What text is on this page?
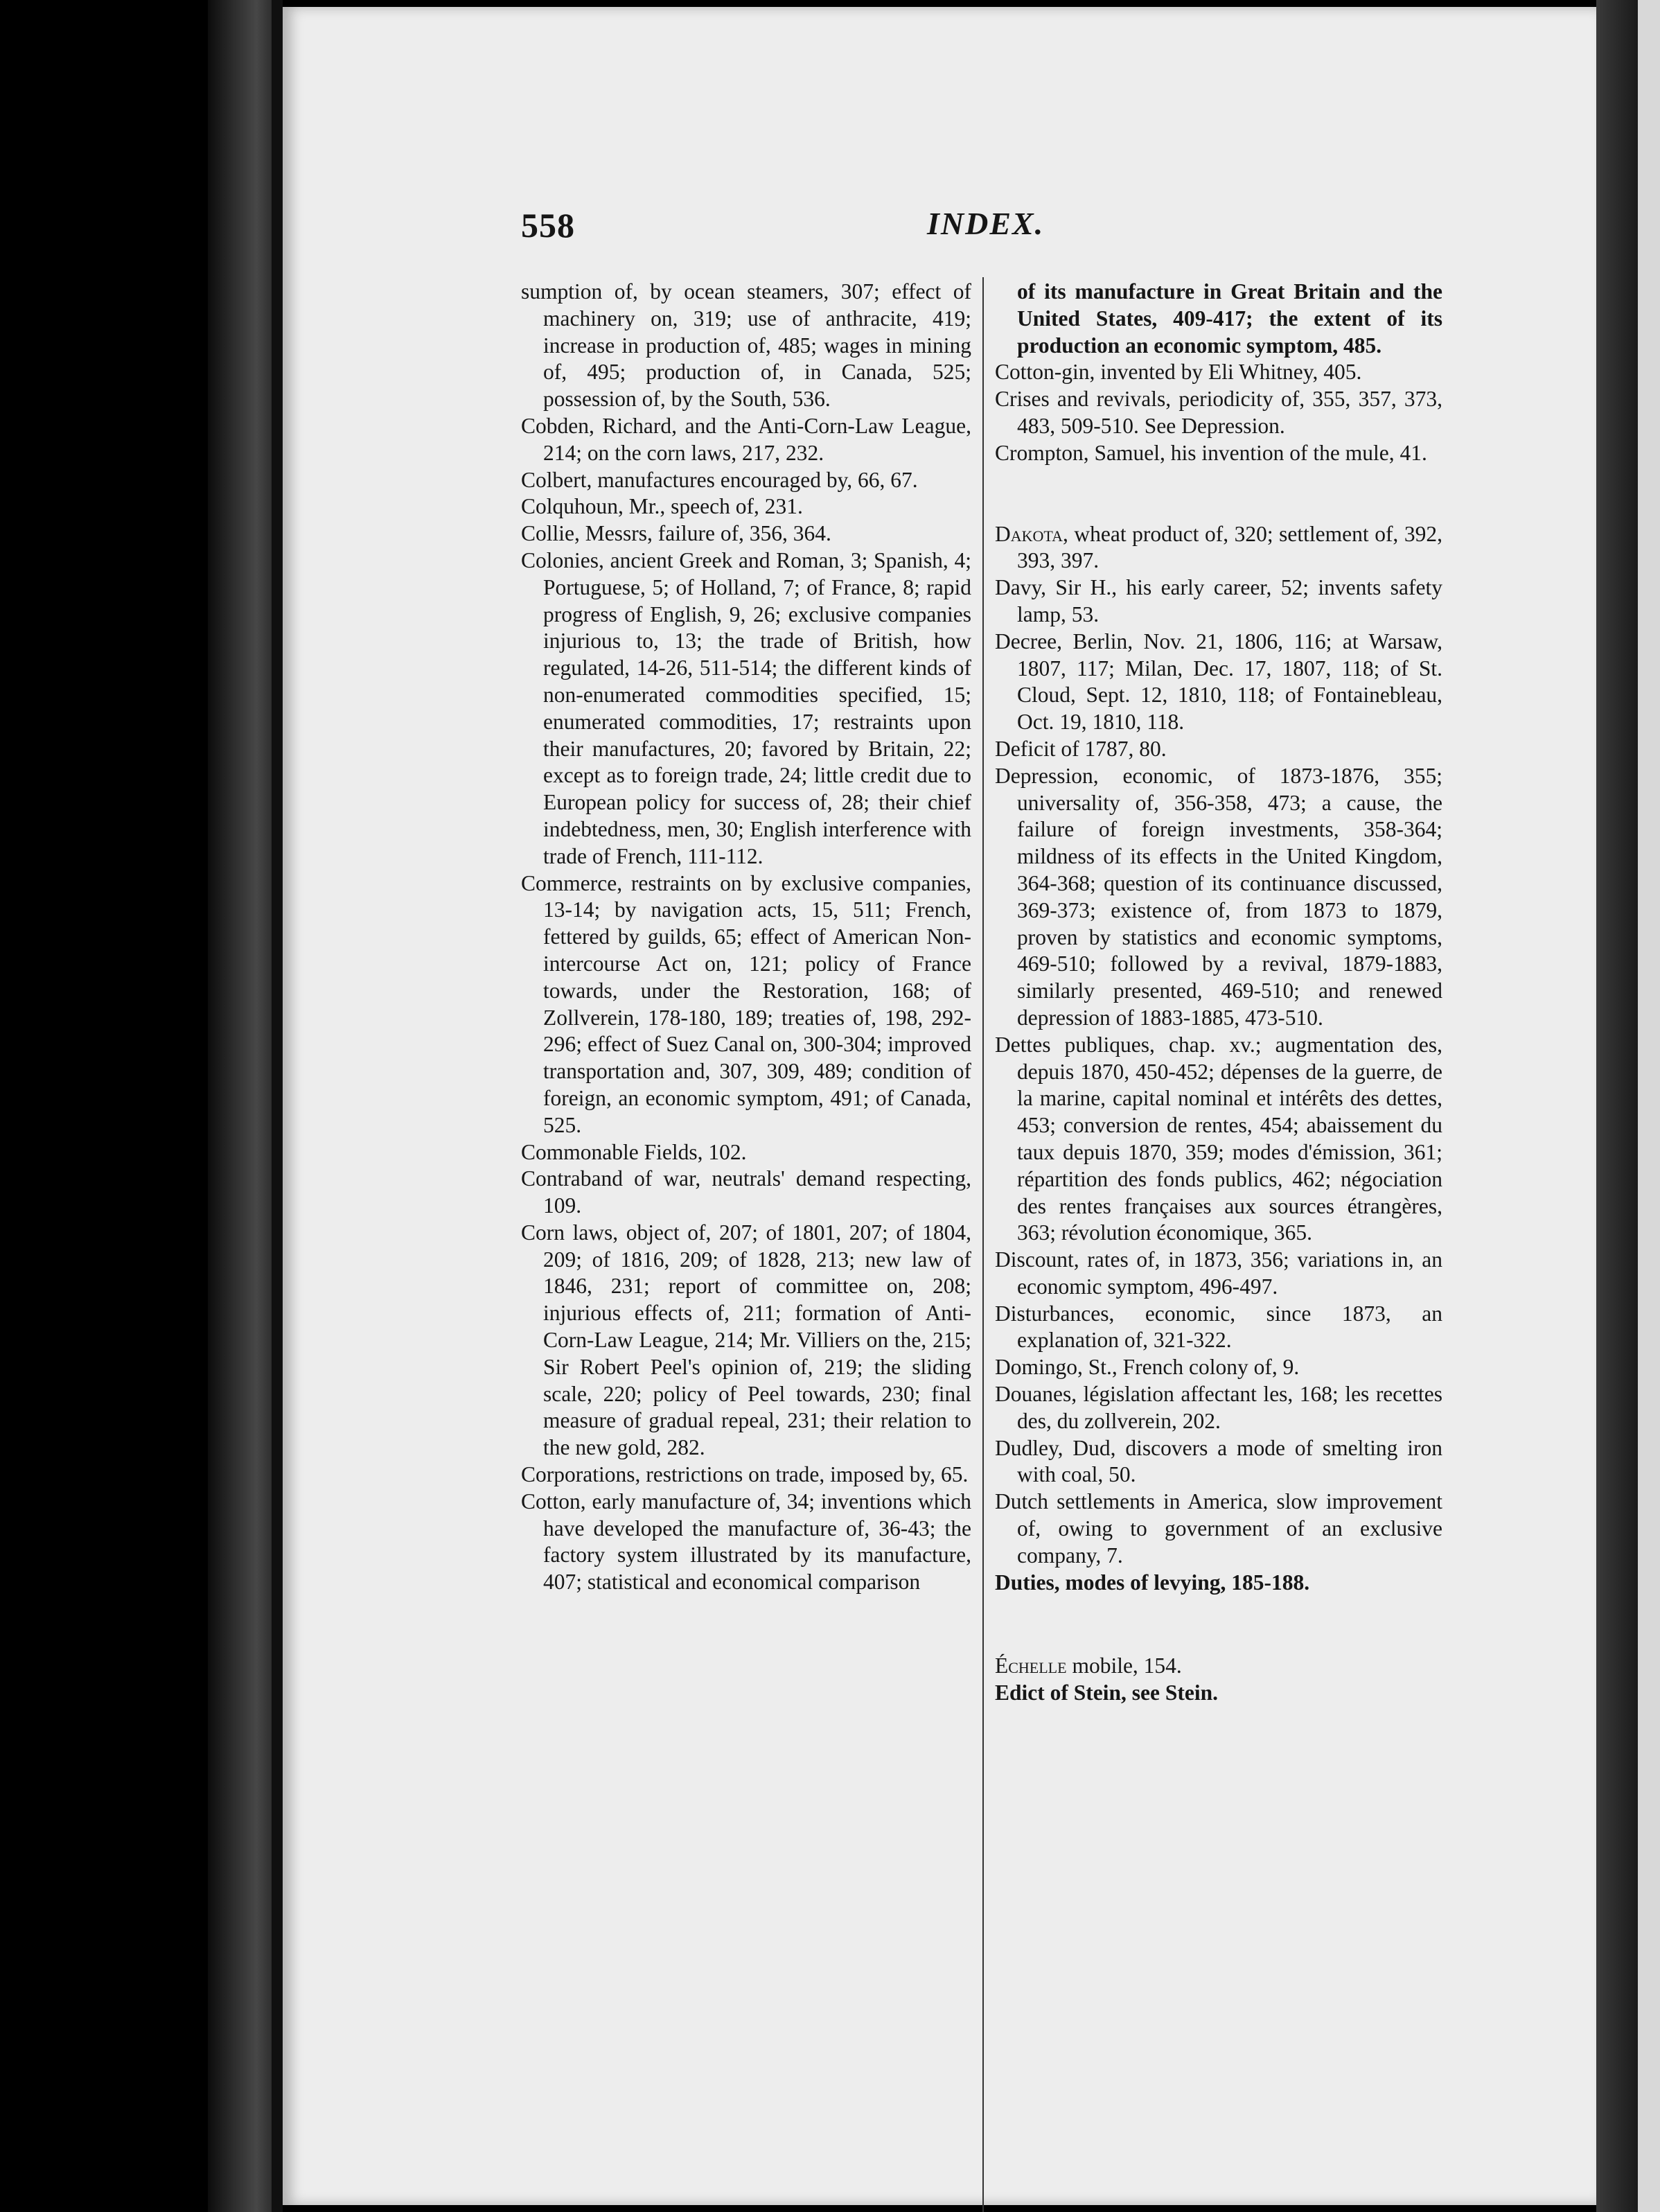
558	INDEX.

sumption of, by ocean steamers, 307; effect of machinery on, 319; use of anthracite, 419; increase in production of, 485; wages in mining of, 495; production of, in Canada, 525; possession of, by the South, 536.

Cobden, Richard, and the Anti-Corn-Law League, 214; on the corn laws, 217, 232.

Colbert, manufactures encouraged by, 66, 67.

Colquhoun, Mr., speech of, 231.

Collie, Messrs, failure of, 356, 364.

Colonies, ancient Greek and Roman, 3; Spanish, 4; Portuguese, 5; of Holland, 7; of France, 8; rapid progress of English, 9, 26; exclusive companies injurious to, 13; the trade of British, how regulated, 14-26, 511-514; the different kinds of non-enumerated commodities specified, 15; enumerated commodities, 17; restraints upon their manufactures, 20; favored by Britain, 22; except as to foreign trade, 24; little credit due to European policy for success of, 28; their chief indebtedness, men, 30; English interference with trade of French, 111-112.

Commerce, restraints on by exclusive companies, 13-14; by navigation acts, 15, 511; French, fettered by guilds, 65; effect of American Non-intercourse Act on, 121; policy of France towards, under the Restoration, 168; of Zollverein, 178-180, 189; treaties of, 198, 292-296; effect of Suez Canal on, 300-304; improved transportation and, 307, 309, 489; condition of foreign, an economic symptom, 491; of Canada, 525.

Commonable Fields, 102.

Contraband of war, neutrals' demand respecting, 109.

Corn laws, object of, 207; of 1801, 207; of 1804, 209; of 1816, 209; of 1828, 213; new law of 1846, 231; report of committee on, 208; injurious effects of, 211; formation of Anti-Corn-Law League, 214; Mr. Villiers on the, 215; Sir Robert Peel's opinion of, 219; the sliding scale, 220; policy of Peel towards, 230; final measure of gradual repeal, 231; their relation to the new gold, 282.

Corporations, restrictions on trade, imposed by, 65.

Cotton, early manufacture of, 34; inventions which have developed the manufacture of, 36-43; the factory system illustrated by its manufacture, 407; statistical and economical comparison

of its manufacture in Great Britain and the United States, 409-417; the extent of its production an economic symptom, 485.

Cotton-gin, invented by Eli Whitney, 405.

Crises and revivals, periodicity of, 355, 357, 373, 483, 509-510. See Depression.

Crompton, Samuel, his invention of the mule, 41.

Dakota, wheat product of, 320; settlement of, 392, 393, 397.

Davy, Sir H., his early career, 52; invents safety lamp, 53.

Decree, Berlin, Nov. 21, 1806, 116; at Warsaw, 1807, 117; Milan, Dec. 17, 1807, 118; of St. Cloud, Sept. 12, 1810, 118; of Fontainebleau, Oct. 19, 1810, 118.

Deficit of 1787, 80.

Depression, economic, of 1873-1876, 355; universality of, 356-358, 473; a cause, the failure of foreign investments, 358-364; mildness of its effects in the United Kingdom, 364-368; question of its continuance discussed, 369-373; existence of, from 1873 to 1879, proven by statistics and economic symptoms, 469-510; followed by a revival, 1879-1883, similarly presented, 469-510; and renewed depression of 1883-1885, 473-510.

Dettes publiques, chap. xv.; augmentation des, depuis 1870, 450-452; dépenses de la guerre, de la marine, capital nominal et intérêts des dettes, 453; conversion de rentes, 454; abaissement du taux depuis 1870, 359; modes d'émission, 361; répartition des fonds publics, 462; négociation des rentes françaises aux sources étrangères, 363; révolution économique, 365.

Discount, rates of, in 1873, 356; variations in, an economic symptom, 496-497.

Disturbances, economic, since 1873, an explanation of, 321-322.

Domingo, St., French colony of, 9.

Douanes, législation affectant les, 168; les recettes des, du zollverein, 202.

Dudley, Dud, discovers a mode of smelting iron with coal, 50.

Dutch settlements in America, slow improvement of, owing to government of an exclusive company, 7.

Duties, modes of levying, 185-188.

Échelle mobile, 154.

Edict of Stein, see Stein.
